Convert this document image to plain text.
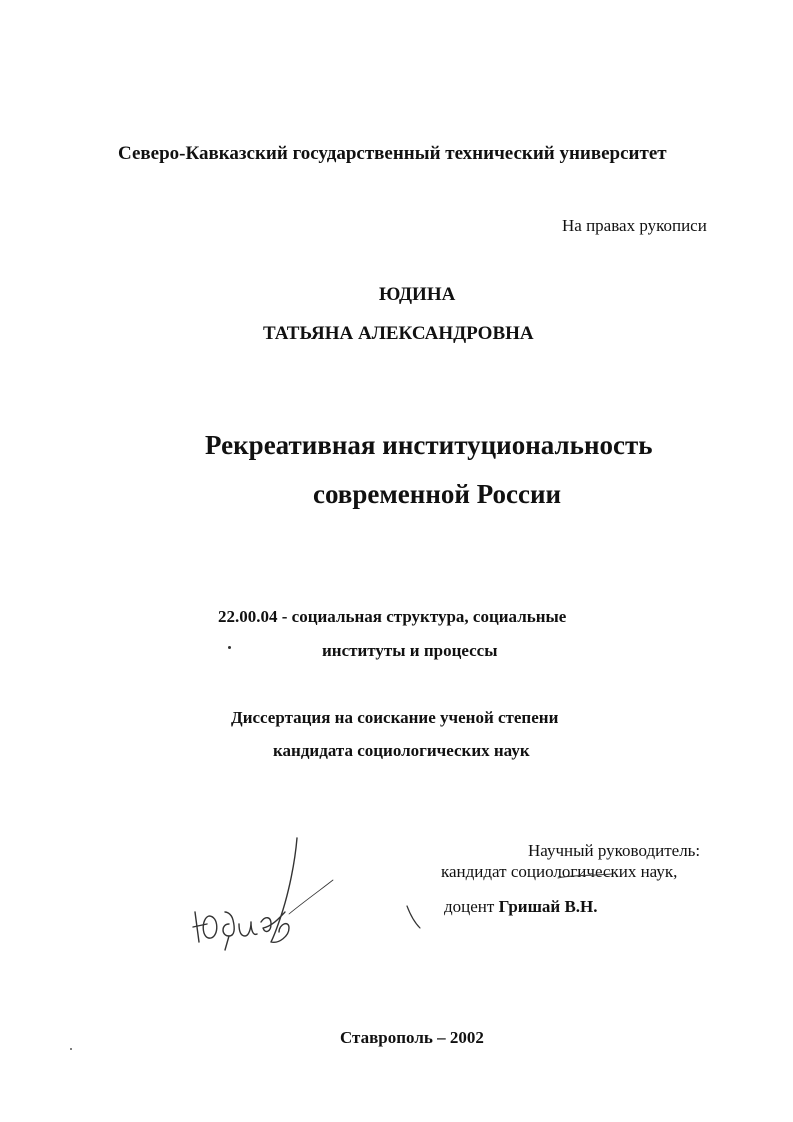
Северо-Кавказский государственный технический университет
На правах рукописи
ЮДИНА
ТАТЬЯНА АЛЕКСАНДРОВНА
Рекреативная институциональность
современной России
22.00.04 - социальная структура, социальные
институты и процессы
Диссертация на соискание ученой степени
кандидата социологических наук
Научный руководитель:
кандидат социологических наук,
доцент Гришай В.Н.
Ставрополь – 2002
